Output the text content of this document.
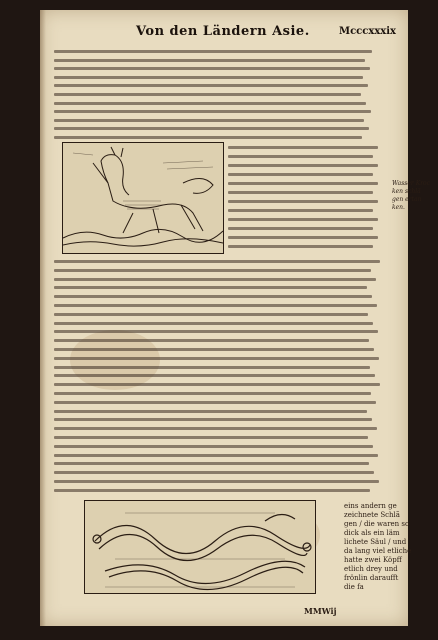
Von den Ländern Asie.	Mcccxxxix
Wasser Kroc
ken schlã
gen ertan
ken.
eins andern ge
zeichnete Schlã
gen / die waren so
dick als ein läm
lichete Säul / und
da lang viel etliche
hatte zwei Köpff
etlich drey und
frönlin daraufft
die fa
MMWij
